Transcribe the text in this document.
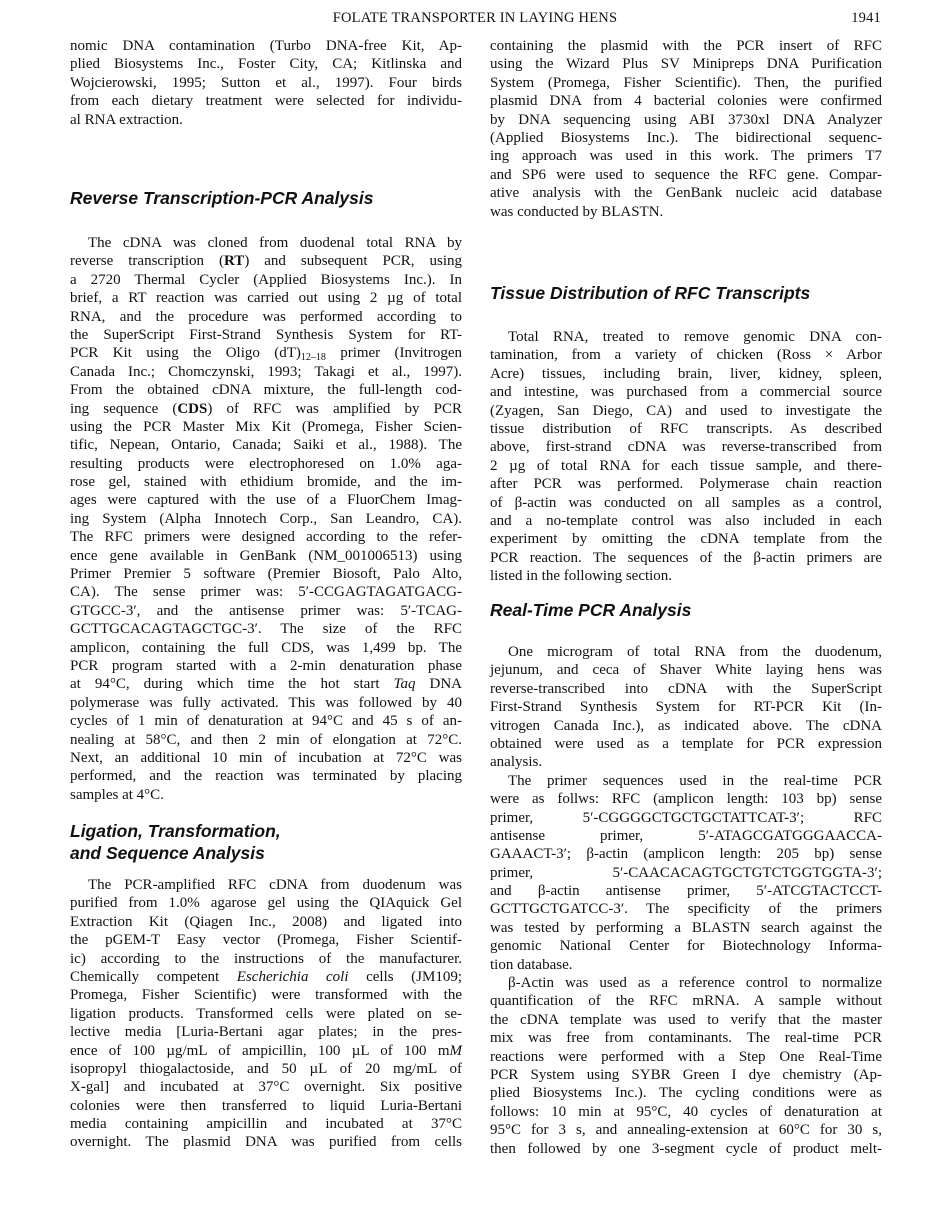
FOLATE TRANSPORTER IN LAYING HENS	1941
nomic DNA contamination (Turbo DNA-free Kit, Ap-
plied Biosystems Inc., Foster City, CA; Kitlinska and
Wojcierowski, 1995; Sutton et al., 1997). Four birds
from each dietary treatment were selected for individu-
al RNA extraction.
Reverse Transcription-PCR Analysis
The cDNA was cloned from duodenal total RNA by
reverse transcription (RT) and subsequent PCR, using
a 2720 Thermal Cycler (Applied Biosystems Inc.). In
brief, a RT reaction was carried out using 2 µg of total
RNA, and the procedure was performed according to
the SuperScript First-Strand Synthesis System for RT-
PCR Kit using the Oligo $(dT)_{12-18}$ primer (Invitrogen
Canada Inc.; Chomczynski, 1993; Takagi et al., 1997).
From the obtained cDNA mixture, the full-length cod-
ing sequence (CDS) of RFC was amplified by PCR
using the PCR Master Mix Kit (Promega, Fisher Scien-
tific, Nepean, Ontario, Canada; Saiki et al., 1988). The
resulting products were electrophoresed on 1.0% aga-
rose gel, stained with ethidium bromide, and the im-
ages were captured with the use of a FluorChem Imag-
ing System (Alpha Innotech Corp., San Leandro, CA).
The RFC primers were designed according to the refer-
ence gene available in GenBank (NM_001006513) using
Primer Premier 5 software (Premier Biosoft, Palo Alto,
CA). The sense primer was: 5′-CCGAGTAGATGACG-
GTGCC-3′, and the antisense primer was: 5′-TCAG-
GCTTGCACAGTAGCTGC-3′. The size of the RFC
amplicon, containing the full CDS, was 1,499 bp. The
PCR program started with a 2-min denaturation phase
at 94°C, during which time the hot start Taq DNA
polymerase was fully activated. This was followed by 40
cycles of 1 min of denaturation at 94°C and 45 s of an-
nealing at 58°C, and then 2 min of elongation at 72°C.
Next, an additional 10 min of incubation at 72°C was
performed, and the reaction was terminated by placing
samples at 4°C.
Ligation, Transformation,
and Sequence Analysis
The PCR-amplified RFC cDNA from duodenum was
purified from 1.0% agarose gel using the QIAquick Gel
Extraction Kit (Qiagen Inc., 2008) and ligated into
the pGEM-T Easy vector (Promega, Fisher Scientif-
ic) according to the instructions of the manufacturer.
Chemically competent Escherichia coli cells (JM109;
Promega, Fisher Scientific) were transformed with the
ligation products. Transformed cells were plated on se-
lective media [Luria-Bertani agar plates; in the pres-
ence of 100 µg/mL of ampicillin, 100 µL of 100 mM
isopropyl thiogalactoside, and 50 µL of 20 mg/mL of
X-gal] and incubated at 37°C overnight. Six positive
colonies were then transferred to liquid Luria-Bertani
media containing ampicillin and incubated at 37°C
overnight. The plasmid DNA was purified from cells
containing the plasmid with the PCR insert of RFC
using the Wizard Plus SV Minipreps DNA Purification
System (Promega, Fisher Scientific). Then, the purified
plasmid DNA from 4 bacterial colonies were confirmed
by DNA sequencing using ABI 3730xl DNA Analyzer
(Applied Biosystems Inc.). The bidirectional sequenc-
ing approach was used in this work. The primers T7
and SP6 were used to sequence the RFC gene. Compar-
ative analysis with the GenBank nucleic acid database
was conducted by BLASTN.
Tissue Distribution of RFC Transcripts
Total RNA, treated to remove genomic DNA con-
tamination, from a variety of chicken (Ross × Arbor
Acre) tissues, including brain, liver, kidney, spleen,
and intestine, was purchased from a commercial source
(Zyagen, San Diego, CA) and used to investigate the
tissue distribution of RFC transcripts. As described
above, first-strand cDNA was reverse-transcribed from
2 µg of total RNA for each tissue sample, and there-
after PCR was performed. Polymerase chain reaction
of β-actin was conducted on all samples as a control,
and a no-template control was also included in each
experiment by omitting the cDNA template from the
PCR reaction. The sequences of the β-actin primers are
listed in the following section.
Real-Time PCR Analysis
One microgram of total RNA from the duodenum,
jejunum, and ceca of Shaver White laying hens was
reverse-transcribed into cDNA with the SuperScript
First-Strand Synthesis System for RT-PCR Kit (In-
vitrogen Canada Inc.), as indicated above. The cDNA
obtained were used as a template for PCR expression
analysis.
The primer sequences used in the real-time PCR
were as follws: RFC (amplicon length: 103 bp) sense
primer, 5′-CGGGGCTGCTGCTATTCAT-3′; RFC
antisense primer, 5′-ATAGCGATGGGAACCA-
GAAACT-3′; β-actin (amplicon length: 205 bp) sense
primer, 5′-CAACACAGTGCTGTCTGGTGGTA-3′;
and β-actin antisense primer, 5′-ATCGTACTCCT-
GCTTGCTGATCC-3′. The specificity of the primers
was tested by performing a BLASTN search against the
genomic National Center for Biotechnology Informa-
tion database.
β-Actin was used as a reference control to normalize
quantification of the RFC mRNA. A sample without
the cDNA template was used to verify that the master
mix was free from contaminants. The real-time PCR
reactions were performed with a Step One Real-Time
PCR System using SYBR Green I dye chemistry (Ap-
plied Biosystems Inc.). The cycling conditions were as
follows: 10 min at 95°C, 40 cycles of denaturation at
95°C for 3 s, and annealing-extension at 60°C for 30 s,
then followed by one 3-segment cycle of product melt-
